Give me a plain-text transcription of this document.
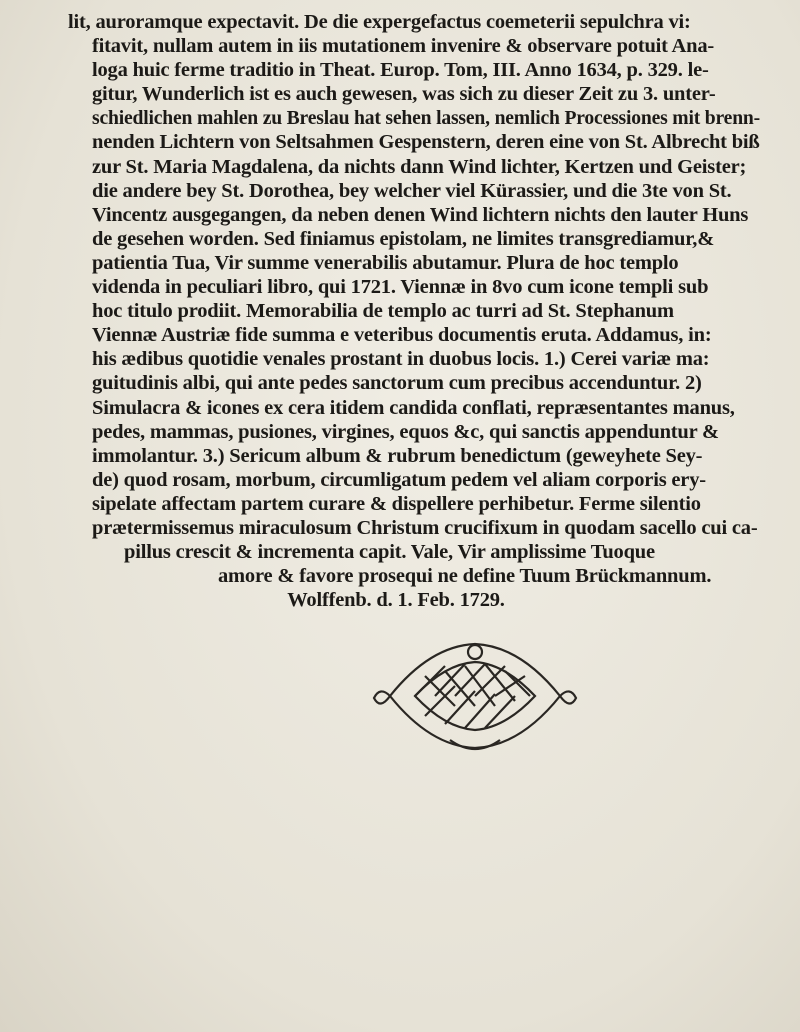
lit, auroramque expectavit. De die expergefactus coemeterii sepulchra vi:
fitavit, nullam autem in iis mutationem invenire & observare potuit Ana-
loga huic ferme traditio in Theat. Europ. Tom, III. Anno 1634, p. 329. le-
gitur, Wunderlich ist es auch gewesen, was sich zu dieser Zeit zu 3. unter-
schiedlichen mahlen zu Breslau hat sehen lassen, nemlich Processiones mit brenn-
nenden Lichtern von Seltsahmen Gespenstern, deren eine von St. Albrecht biß
zur St. Maria Magdalena, da nichts dann Wind lichter, Kertzen und Geister;
die andere bey St. Dorothea, bey welcher viel Kürassier, und die 3te von St.
Vincentz ausgegangen, da neben denen Wind lichtern nichts den lauter Huns
de gesehen worden. Sed finiamus epistolam, ne limites transgrediamur,&
patientia Tua, Vir summe venerabilis abutamur. Plura de hoc templo
videnda in peculiari libro, qui 1721. Viennæ in 8vo cum icone templi sub
hoc titulo prodiit. Memorabilia de templo ac turri ad St. Stephanum
Viennæ Austriæ fide summa e veteribus documentis eruta. Addamus, in:
his ædibus quotidie venales prostant in duobus locis. 1.) Cerei variæ ma:
guitudinis albi, qui ante pedes sanctorum cum precibus accenduntur. 2)
Simulacra & icones ex cera itidem candida conflati, repræsentantes manus,
pedes, mammas, pusiones, virgines, equos &c, qui sanctis appenduntur &
immolantur. 3.) Sericum album & rubrum benedictum (geweyhete Sey-
de) quod rosam, morbum, circumligatum pedem vel aliam corporis ery-
sipelate affectam partem curare & dispellere perhibetur. Ferme silentio
prætermissemus miraculosum Christum crucifixum in quodam sacello cui ca-
pillus crescit & incrementa capit. Vale, Vir amplissime Tuoque
amore & favore prosequi ne define Tuum Brückmannum.
Wolffenb. d. 1. Feb. 1729.
